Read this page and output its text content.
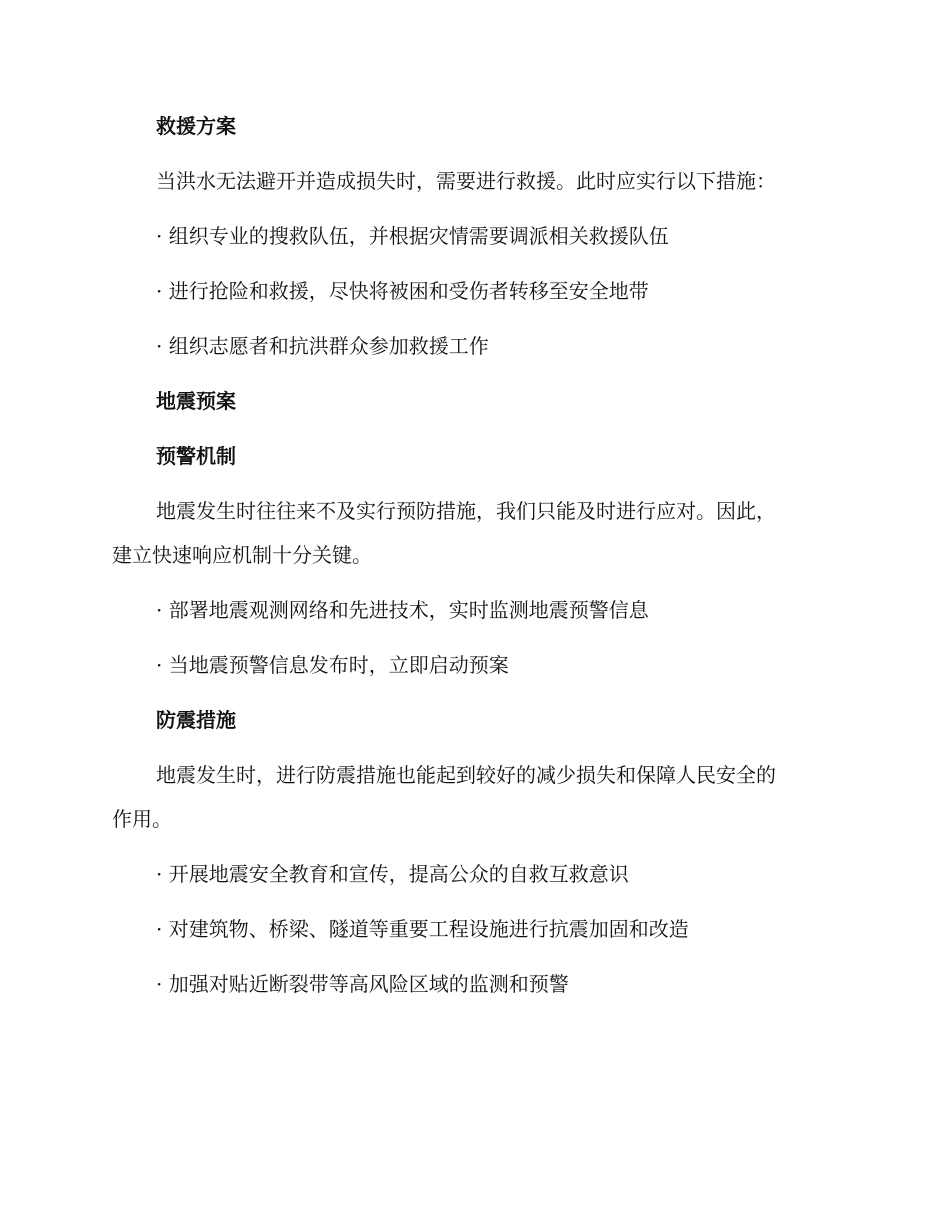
救援方案
当洪水无法避开并造成损失时，需要进行救援。此时应实行以下措施：
· 组织专业的搜救队伍，并根据灾情需要调派相关救援队伍
· 进行抢险和救援，尽快将被困和受伤者转移至安全地带
· 组织志愿者和抗洪群众参加救援工作
地震预案
预警机制
地震发生时往往来不及实行预防措施，我们只能及时进行应对。因此，
建立快速响应机制十分关键。
· 部署地震观测网络和先进技术，实时监测地震预警信息
· 当地震预警信息发布时，立即启动预案
防震措施
地震发生时，进行防震措施也能起到较好的减少损失和保障人民安全的
作用。
· 开展地震安全教育和宣传，提高公众的自救互救意识
· 对建筑物、桥梁、隧道等重要工程设施进行抗震加固和改造
· 加强对贴近断裂带等高风险区域的监测和预警
